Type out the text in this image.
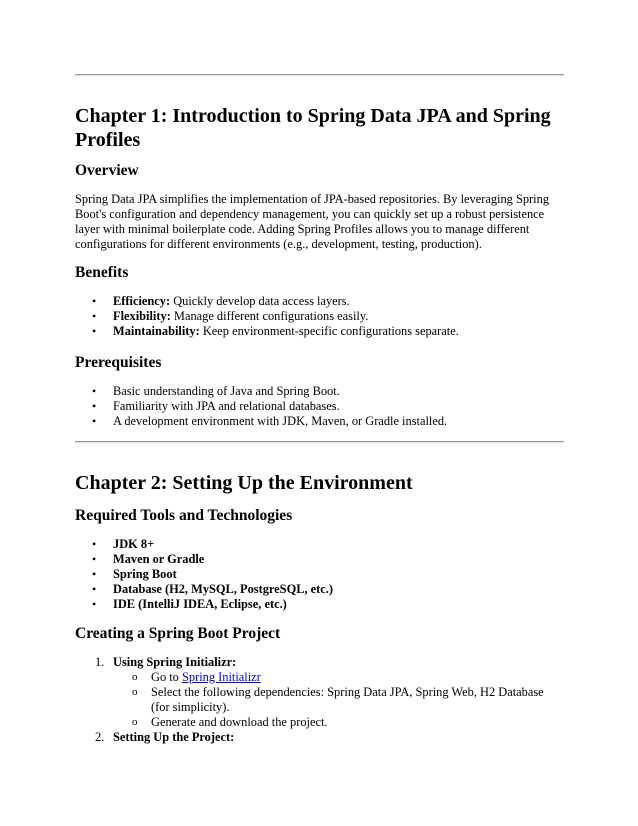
Chapter 1: Introduction to Spring Data JPA and Spring Profiles
Overview

Spring Data JPA simplifies the implementation of JPA-based repositories. By leveraging Spring Boot's configuration and dependency management, you can quickly set up a robust persistence layer with minimal boilerplate code. Adding Spring Profiles allows you to manage different configurations for different environments (e.g., development, testing, production).

Benefits
• Efficiency: Quickly develop data access layers.
• Flexibility: Manage different configurations easily.
• Maintainability: Keep environment-specific configurations separate.
Prerequisites
• Basic understanding of Java and Spring Boot.
• Familiarity with JPA and relational databases.
• A development environment with JDK, Maven, or Gradle installed.
Chapter 2: Setting Up the Environment
Required Tools and Technologies
• JDK 8+
• Maven or Gradle
• Spring Boot
• Database (H2, MySQL, PostgreSQL, etc.)
• IDE (IntelliJ IDEA, Eclipse, etc.)
Creating a Spring Boot Project
1. Using Spring Initializr:
o Go to Spring Initializr
o Select the following dependencies: Spring Data JPA, Spring Web, H2 Database (for simplicity).
o Generate and download the project.
2. Setting Up the Project:
